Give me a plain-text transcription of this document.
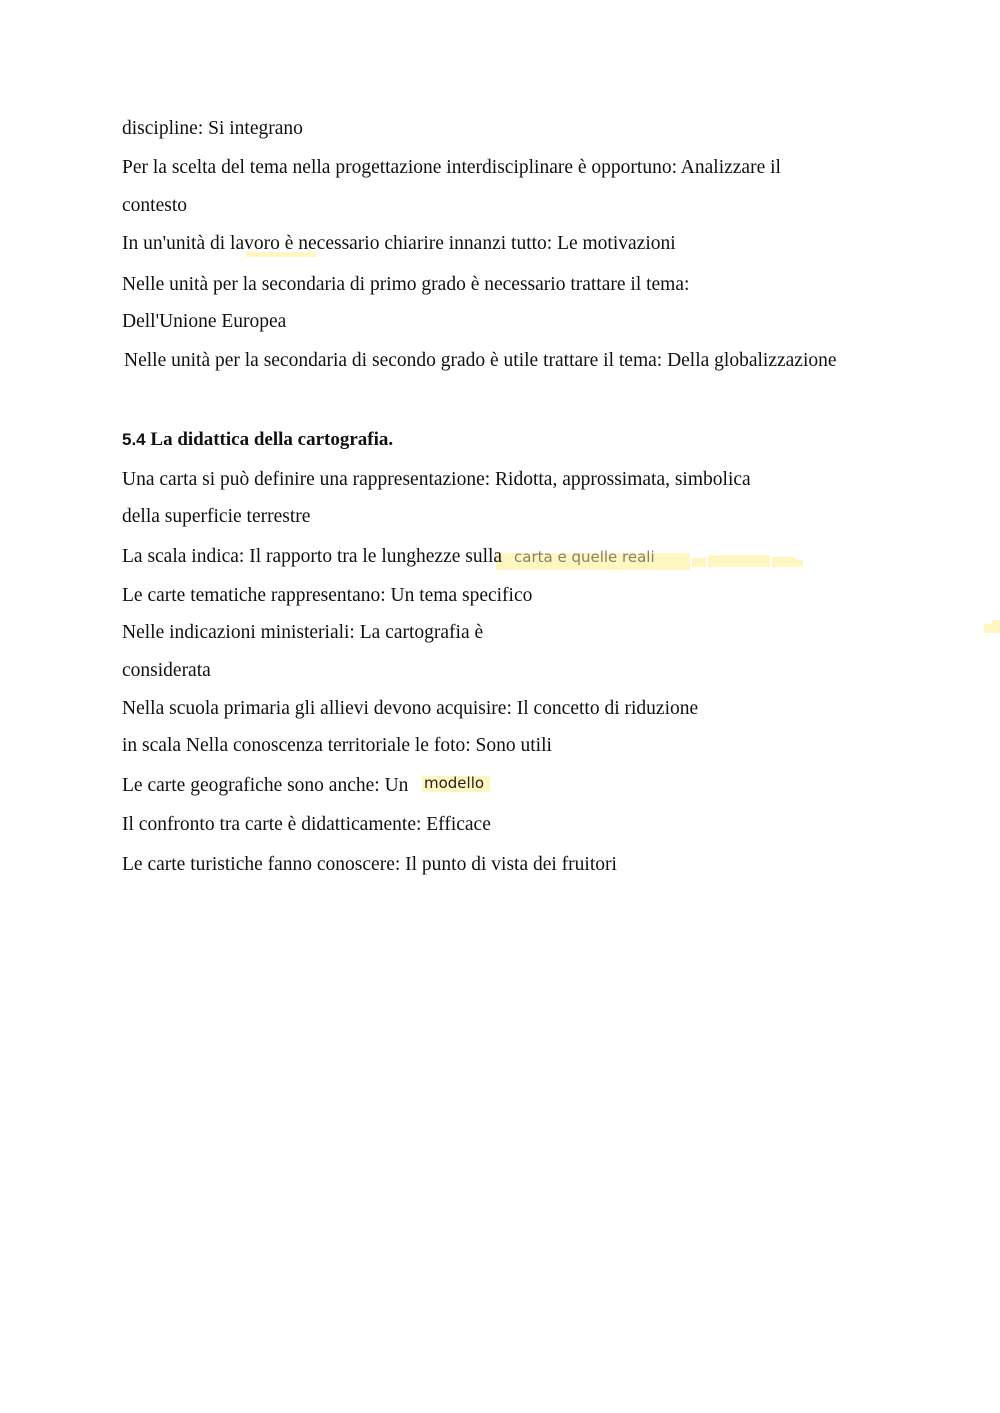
discipline: Si integrano
Per la scelta del tema nella progettazione interdisciplinare è opportuno: Analizzare il
contesto
In un'unità di lavoro è necessario chiarire innanzi tutto: Le motivazioni
Nelle unità per la secondaria di primo grado è necessario trattare il tema:
Dell'Unione Europea
Nelle unità per la secondaria di secondo grado è utile trattare il tema: Della globalizzazione
5.4 La didattica della cartografia.
Una carta si può definire una rappresentazione: Ridotta, approssimata, simbolica
della superficie terrestre
La scala indica: Il rapporto tra le lunghezze sulla
Le carte tematiche rappresentano: Un tema specifico
Nelle indicazioni ministeriali: La cartografia è
considerata
Nella scuola primaria gli allievi devono acquisire: Il concetto di riduzione
in scala Nella conoscenza territoriale le foto: Sono utili
Le carte geografiche sono anche: Un
Il confronto tra carte è didatticamente: Efficace
Le carte turistiche fanno conoscere: Il punto di vista dei fruitori
carta e quelle reali
modello
